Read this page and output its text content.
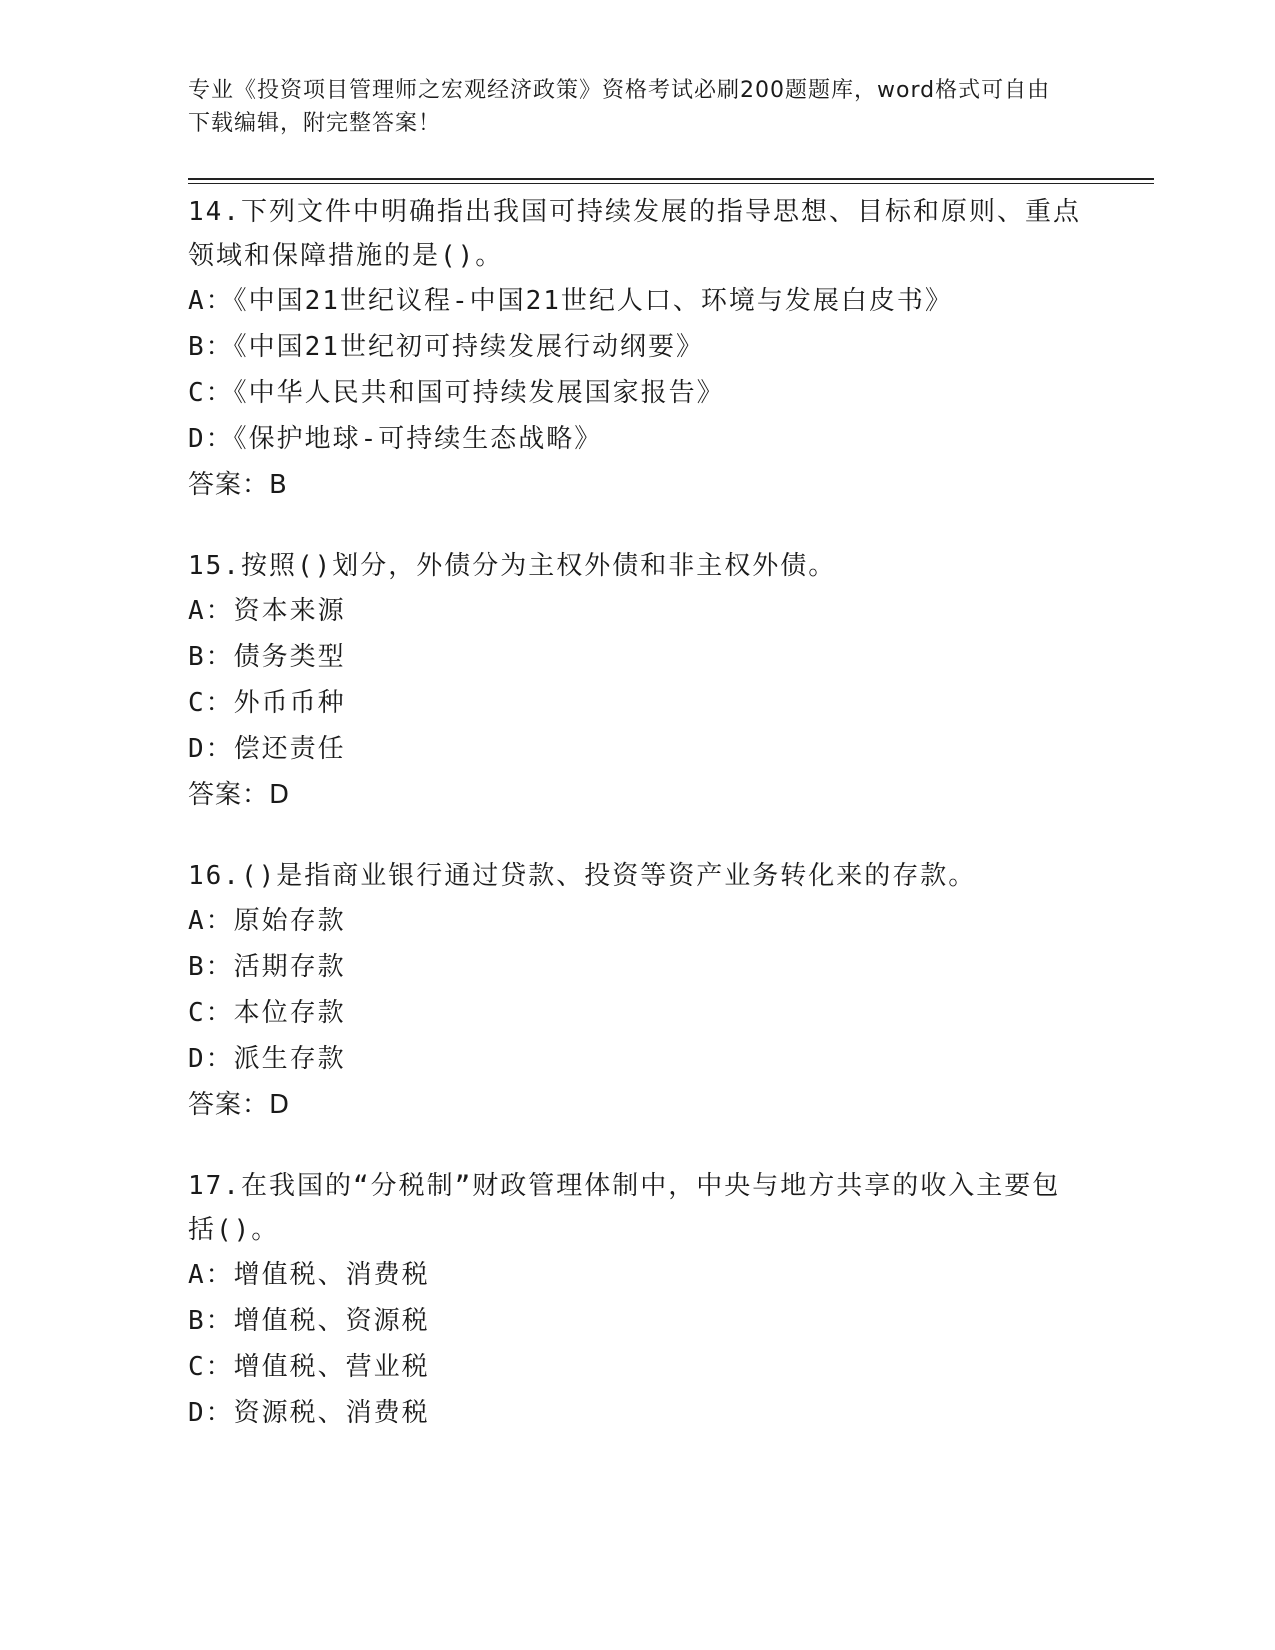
专业《投资项目管理师之宏观经济政策》资格考试必刷200题题库，word格式可自由下载编辑，附完整答案！
14.下列文件中明确指出我国可持续发展的指导思想、目标和原则、重点领域和保障措施的是()。
A：《中国21世纪议程-中国21世纪人口、环境与发展白皮书》
B：《中国21世纪初可持续发展行动纲要》
C：《中华人民共和国可持续发展国家报告》
D：《保护地球-可持续生态战略》
答案：B
15.按照()划分，外债分为主权外债和非主权外债。
A：资本来源
B：债务类型
C：外币币种
D：偿还责任
答案：D
16.()是指商业银行通过贷款、投资等资产业务转化来的存款。
A：原始存款
B：活期存款
C：本位存款
D：派生存款
答案：D
17.在我国的“分税制”财政管理体制中，中央与地方共享的收入主要包括()。
A：增值税、消费税
B：增值税、资源税
C：增值税、营业税
D：资源税、消费税
